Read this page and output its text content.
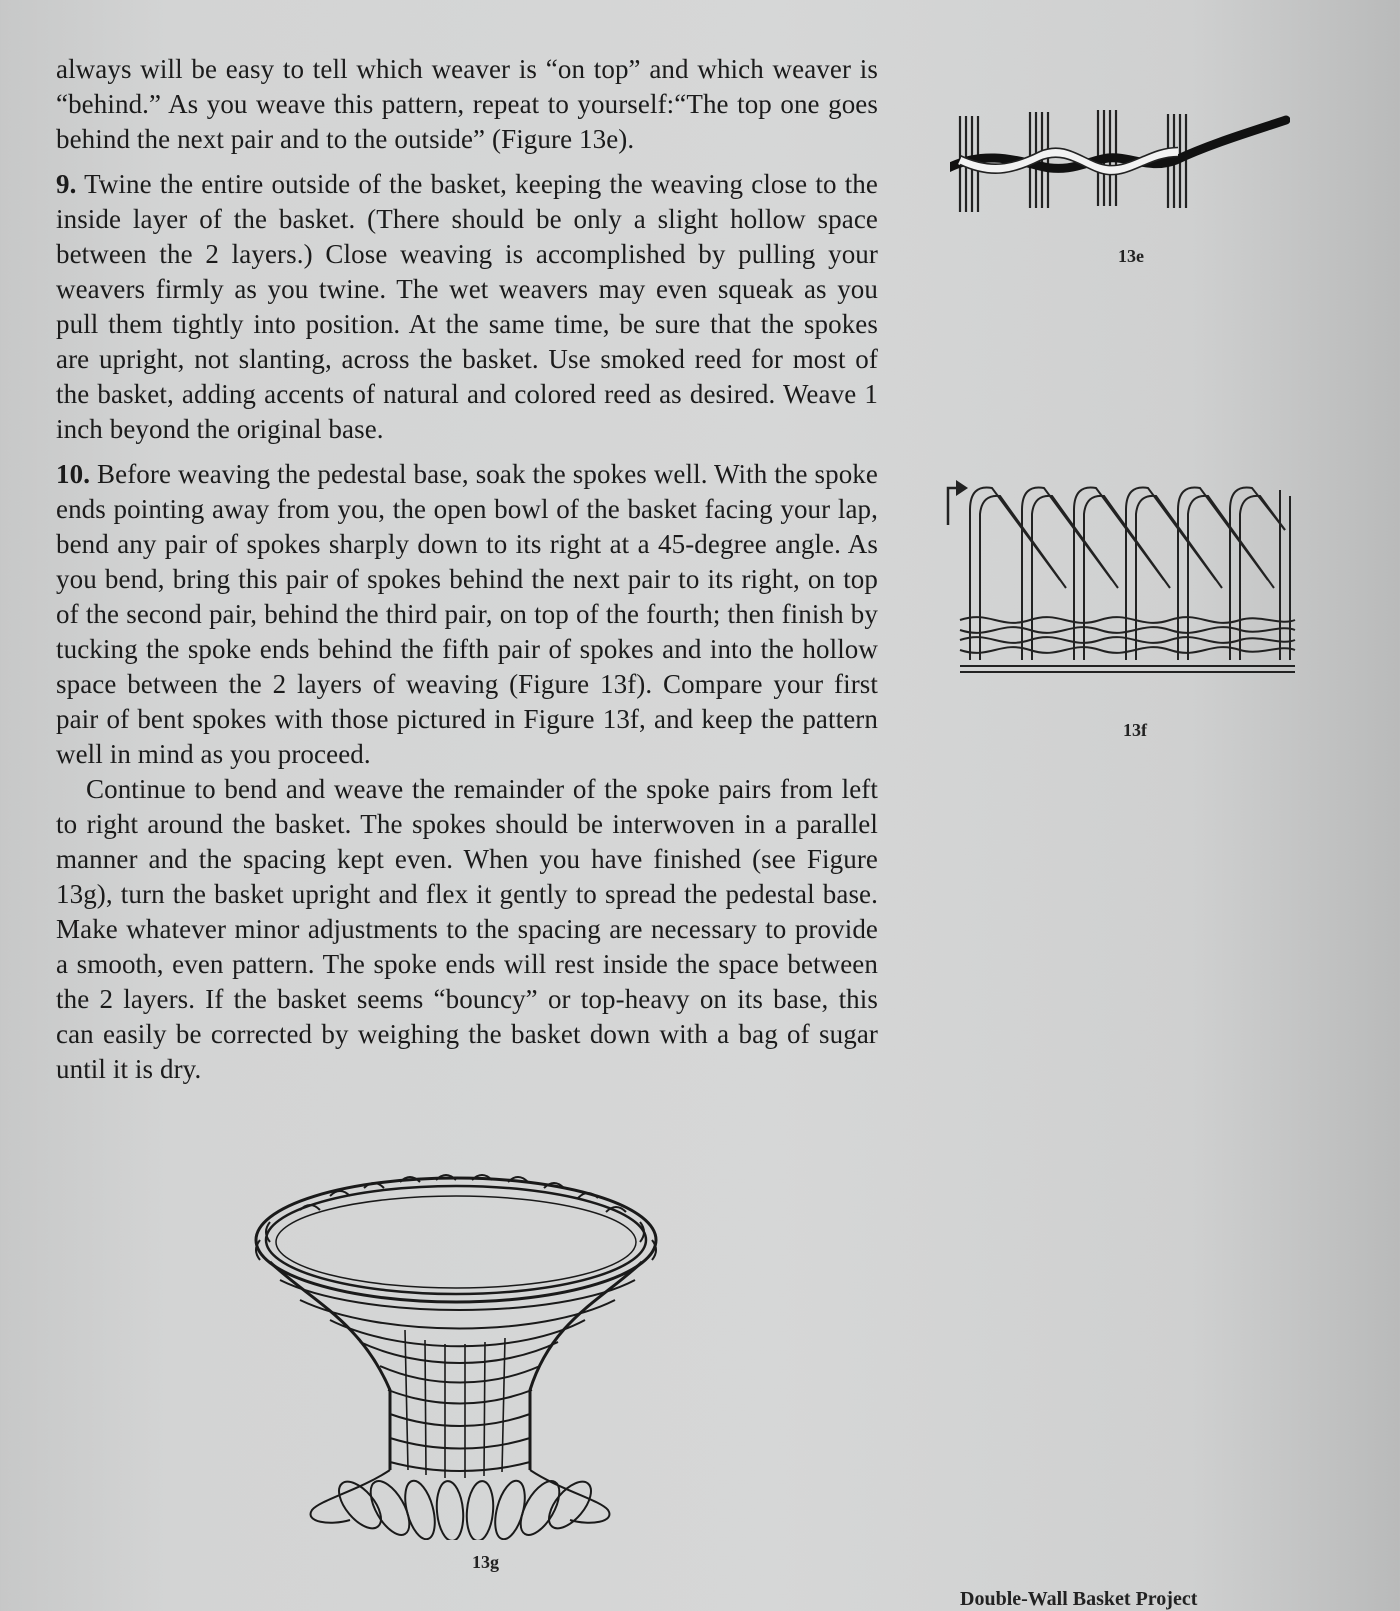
always will be easy to tell which weaver is “on top” and which weaver is “behind.” As you weave this pattern, repeat to yourself:“The top one goes behind the next pair and to the outside” (Figure 13e).

9. Twine the entire outside of the basket, keeping the weaving close to the inside layer of the basket. (There should be only a slight hollow space between the 2 layers.) Close weaving is accomplished by pulling your weavers firmly as you twine. The wet weavers may even squeak as you pull them tightly into position. At the same time, be sure that the spokes are upright, not slanting, across the basket. Use smoked reed for most of the basket, adding accents of natural and colored reed as desired. Weave 1 inch beyond the original base.

10. Before weaving the pedestal base, soak the spokes well. With the spoke ends pointing away from you, the open bowl of the basket facing your lap, bend any pair of spokes sharply down to its right at a 45-degree angle. As you bend, bring this pair of spokes behind the next pair to its right, on top of the second pair, behind the third pair, on top of the fourth; then finish by tucking the spoke ends behind the fifth pair of spokes and into the hollow space between the 2 layers of weaving (Figure 13f). Compare your first pair of bent spokes with those pictured in Figure 13f, and keep the pattern well in mind as you proceed.

Continue to bend and weave the remainder of the spoke pairs from left to right around the basket. The spokes should be interwoven in a parallel manner and the spacing kept even. When you have finished (see Figure 13g), turn the basket upright and flex it gently to spread the pedestal base. Make whatever minor adjustments to the spacing are necessary to provide a smooth, even pattern. The spoke ends will rest inside the space between the 2 layers. If the basket seems “bouncy” or top-heavy on its base, this can easily be corrected by weighing the basket down with a bag of sugar until it is dry.

13e
13f
13g
Double-Wall Basket Project
